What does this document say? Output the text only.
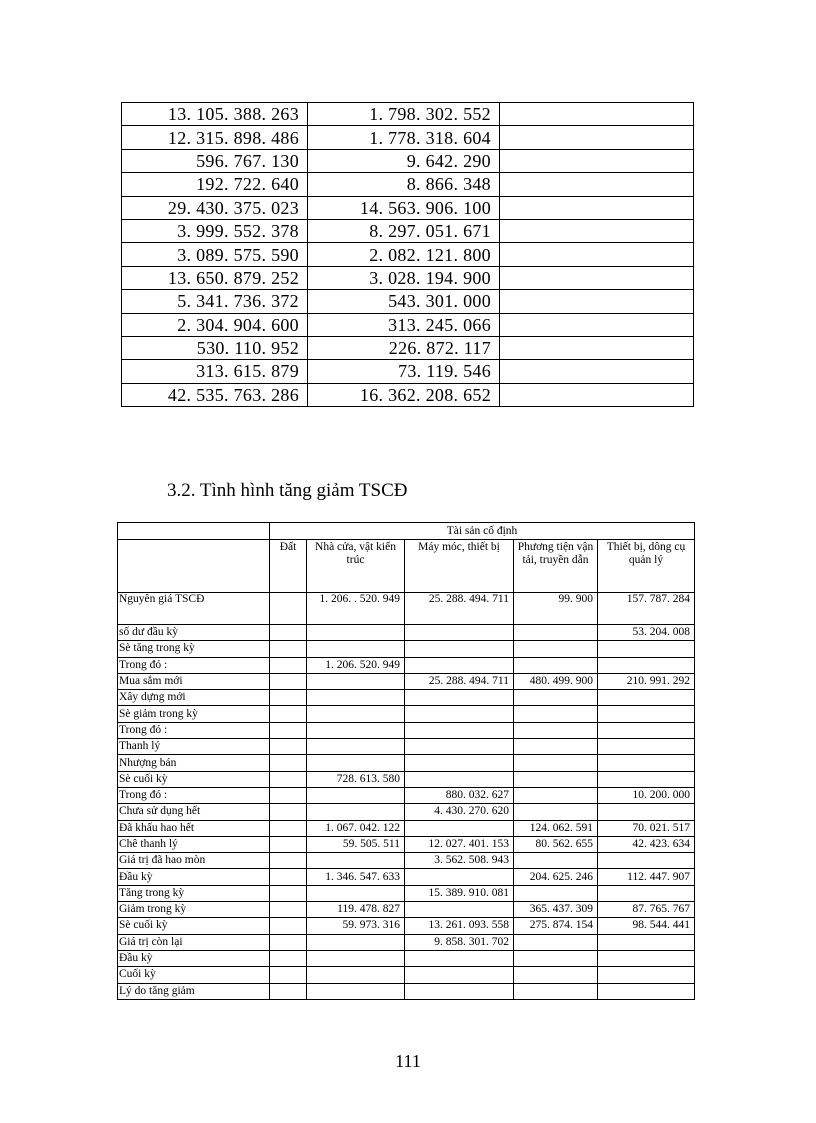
13. 105. 388. 263	1. 798. 302. 552	
12. 315. 898. 486	1. 778. 318. 604	
596. 767. 130	9. 642. 290	
192. 722. 640	8. 866. 348	
29. 430. 375. 023	14. 563. 906. 100	
3. 999. 552. 378	8. 297. 051. 671	
3. 089. 575. 590	2. 082. 121. 800	
13. 650. 879. 252	3. 028. 194. 900	
5. 341. 736. 372	543. 301. 000	
2. 304. 904. 600	313. 245. 066	
530. 110. 952	226. 872. 117	
313. 615. 879	73. 119. 546	
42. 535. 763. 286	16. 362. 208. 652	
3.2. Tình hình tăng giảm TSCĐ
	Tài sản cố định				
	Đất	Nhà cửa, vật kiến trúc	Máy móc, thiết bị	Phương tiện vận tải, truyền dẫn	Thiết bị, dông cụ quản lý
Nguyên giá TSCĐ		1. 206. . 520. 949	25. 288. 494. 711	99. 900	157. 787. 284
số dư đầu kỳ					53. 204. 008
Sè tăng trong kỳ					
Trong đó :		1. 206. 520. 949			
Mua sắm mới			25. 288. 494. 711	480. 499. 900	210. 991. 292
Xây dựng mới					
Sè giảm trong kỳ					
Trong đó :					
Thanh lý					
Nhượng bán					
Sè cuối kỳ		728. 613. 580			
Trong đó :			880. 032. 627		10. 200. 000
Chưa sử dụng hết			4. 430. 270. 620		
Đã khấu hao hết		1. 067. 042. 122		124. 062. 591	70. 021. 517
Chê thanh lý		59. 505. 511	12. 027. 401. 153	80. 562. 655	42. 423. 634
Giá trị đã hao mòn			3. 562. 508. 943		
Đầu kỳ		1. 346. 547. 633		204. 625. 246	112. 447. 907
Tăng trong kỳ			15. 389. 910. 081		
Giảm trong kỳ		119. 478. 827		365. 437. 309	87. 765. 767
Sè cuối kỳ		59. 973. 316	13. 261. 093. 558	275. 874. 154	98. 544. 441
Giá trị còn lại			9. 858. 301. 702		
Đầu kỳ					
Cuối kỳ					
Lý do tăng giảm					
111
